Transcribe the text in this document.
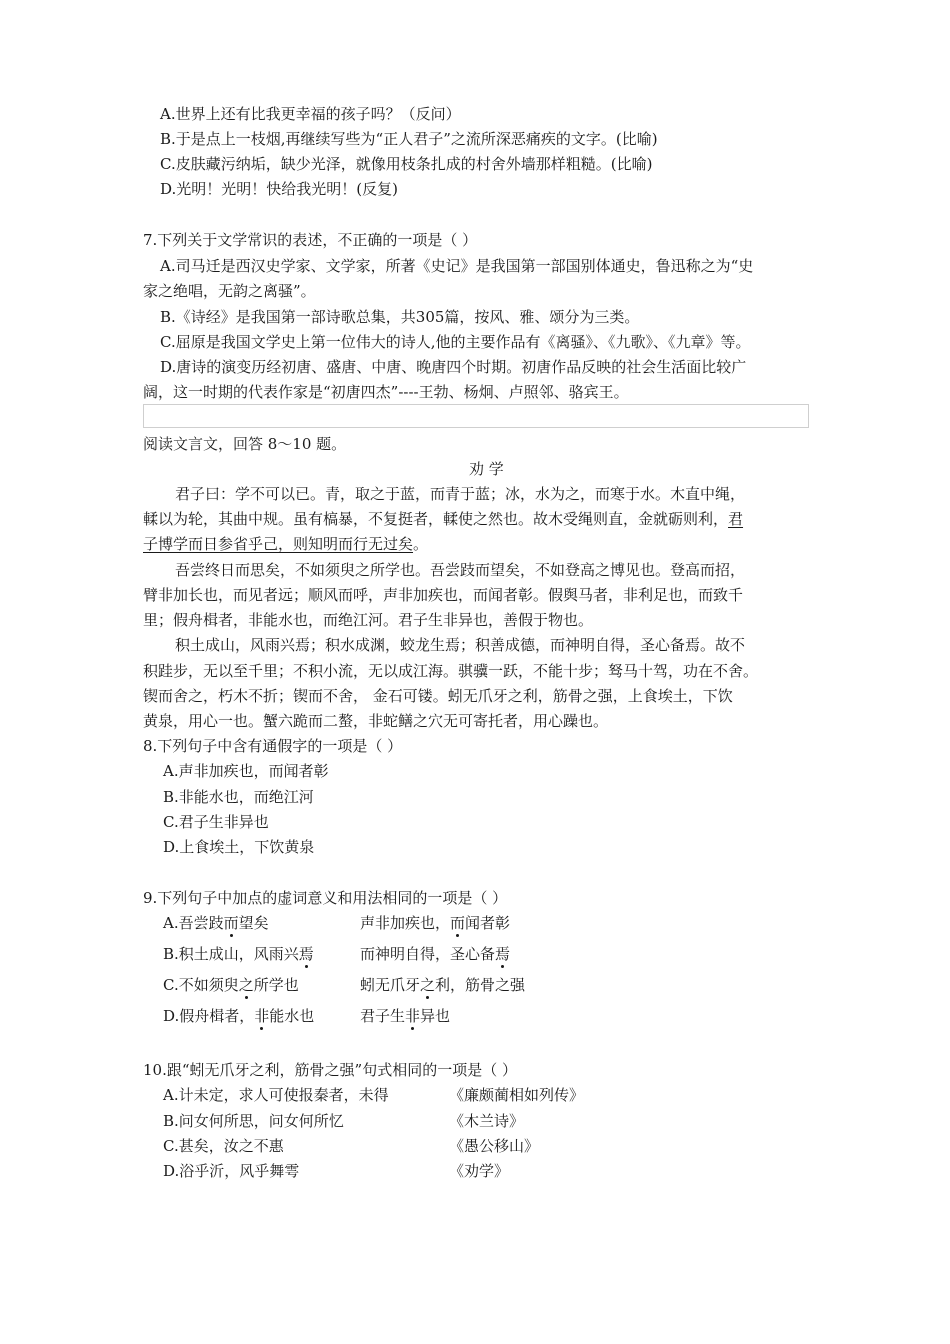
A.世界上还有比我更幸福的孩子吗？（反问）
B.于是点上一枝烟,再继续写些为“正人君子”之流所深恶痛疾的文字。(比喻)
C.皮肤藏污纳垢，缺少光泽，就像用枝条扎成的村舍外墙那样粗糙。(比喻)
D.光明！光明！快给我光明！(反复)
7.下列关于文学常识的表述，不正确的一项是（ ）
A.司马迁是西汉史学家、文学家，所著《史记》是我国第一部国别体通史，鲁迅称之为“史
家之绝唱，无韵之离骚”。
B.《诗经》是我国第一部诗歌总集，共305篇，按风、雅、颂分为三类。
C.屈原是我国文学史上第一位伟大的诗人,他的主要作品有《离骚》、《九歌》、《九章》等。
D.唐诗的演变历经初唐、盛唐、中唐、晚唐四个时期。初唐作品反映的社会生活面比较广
阔，这一时期的代表作家是“初唐四杰”----王勃、杨炯、卢照邻、骆宾王。
阅读文言文，回答 8～10 题。
劝 学
君子曰：学不可以已。青，取之于蓝，而青于蓝；冰，水为之，而寒于水。木直中绳，
輮以为轮，其曲中规。虽有槁暴，不复挺者，輮使之然也。故木受绳则直，金就砺则利，君
子博学而日参省乎己，则知明而行无过矣。
吾尝终日而思矣，不如须臾之所学也。吾尝跂而望矣，不如登高之博见也。登高而招，
臂非加长也，而见者远；顺风而呼，声非加疾也，而闻者彰。假舆马者，非利足也，而致千
里；假舟楫者，非能水也，而绝江河。君子生非异也，善假于物也。
积土成山，风雨兴焉；积水成渊，蛟龙生焉；积善成德，而神明自得，圣心备焉。故不
积跬步，无以至千里；不积小流，无以成江海。骐骥一跃，不能十步；驽马十驾，功在不舍。
锲而舍之，朽木不折；锲而不舍， 金石可镂。蚓无爪牙之利，筋骨之强，上食埃土，下饮
黄泉，用心一也。蟹六跪而二螯，非蛇鳝之穴无可寄托者，用心躁也。
8.下列句子中含有通假字的一项是（ ）
A.声非加疾也，而闻者彰
B.非能水也，而绝江河
C.君子生非异也
D.上食埃土，下饮黄泉
9.下列句子中加点的虚词意义和用法相同的一项是（ ）
A.吾尝跂而望矣	声非加疾也，而闻者彰
B.积土成山，风雨兴焉	而神明自得，圣心备焉
C.不如须臾之所学也	蚓无爪牙之利，筋骨之强
D.假舟楫者，非能水也	君子生非异也
10.跟“蚓无爪牙之利，筋骨之强”句式相同的一项是（ ）
A.计未定，求人可使报秦者，未得	《廉颇蔺相如列传》
B.问女何所思，问女何所忆	《木兰诗》
C.甚矣，汝之不惠	《愚公移山》
D.浴乎沂，风乎舞雩	《劝学》
